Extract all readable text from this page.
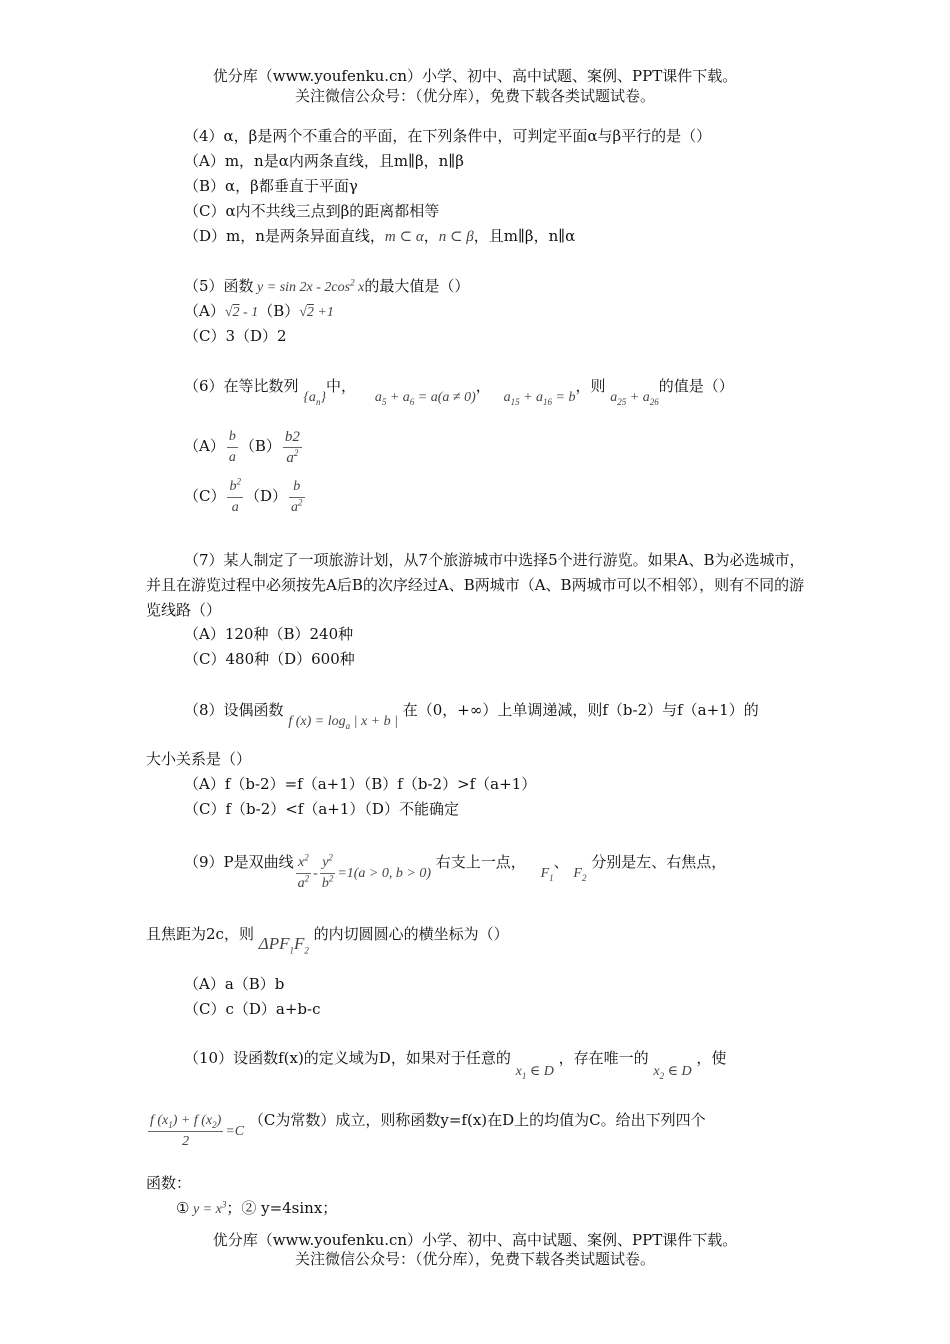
优分库（www.youfenku.cn）小学、初中、高中试题、案例、PPT课件下载。
关注微信公众号：（优分库），免费下载各类试题试卷。
（4）α，β是两个不重合的平面，在下列条件中，可判定平面α与β平行的是（）
（A）m，n是α内两条直线，且m∥β，n∥β
（B）α，β都垂直于平面γ
（C）α内不共线三点到β的距离都相等
（D）m，n是两条异面直线，m ⊂ α，n ⊂ β，且m∥β，n∥α
（5）函数 $y = \sin 2x - 2\cos^2$ x的最大值是（）
（A）√2 - 1（B）√2 +1
（C）3（D）2
（6）在等比数列 $\{a_n\}$中， $a_5 + a_6 = a(a \ne 0)$， $a_{15} + a_{16} = b$，则 $a_{25} + a_{26}$的值是（）
$(A) \frac{b}{a} (B) \frac{b2}{a^2}$
$(C) \frac{b^2}{a} (D) \frac{b}{a^2}$
（7）某人制定了一项旅游计划，从7个旅游城市中选择5个进行游览。如果A、B为必选城市，并且在游览过程中必须按先A后B的次序经过A、B两城市（A、B两城市可以不相邻），则有不同的游览线路（）
（A）120种（B）240种
（C）480种（D）600种
（8）设偶函数 f $(x) = \log_a$ | x + b | 在（0，+∞）上单调递减，则f（b-2）与f（a+1）的
大小关系是（）
（A）f（b-2）=f（a+1）（B）f（b-2）>f（a+1）
（C）f（b-2）<f（a+1）（D）不能确定
（9）P是双曲线 $\frac{x^2}{a^2} - \frac{y^2}{b^2} =1(a > 0$, b > 0) 右支上一点， $F_1$、 $F_2$ 分别是左、右焦点，
且焦距为2c，则 $\Delta PF_1F_2$ 的内切圆圆心的横坐标为（）
（A）a（B）b
（C）c（D）a+b-c
（10）设函数f(x)的定义域为D，如果对于任意的 $x_1$ ∈ D ，存在唯一的 $x_2$ ∈ D ，使
$\frac{f (x_1) + f (x_2)}{2} =C$ （C为常数）成立，则称函数y=f(x)在D上的均值为C。给出下列四个
函数：
① $y = x^3$；② y=4sinx；
优分库（www.youfenku.cn）小学、初中、高中试题、案例、PPT课件下载。
关注微信公众号：（优分库），免费下载各类试题试卷。
